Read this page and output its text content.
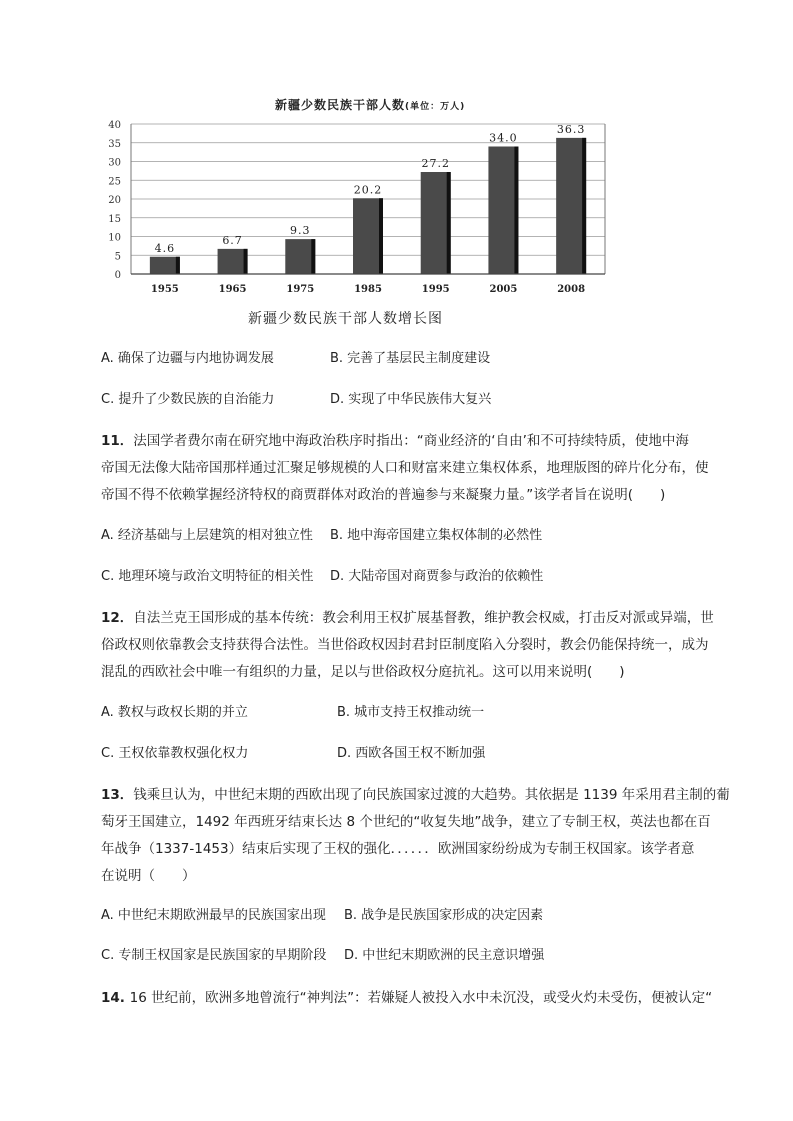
新疆少数民族干部人数(单位：万人)
0
5
10
15
20
25
30
35
40
4.6
1955
6.7
1965
9.3
1975
20.2
1985
27.2
1995
34.0
2005
36.3
2008
新疆少数民族干部人数增长图
A. 确保了边疆与内地协调发展	B. 完善了基层民主制度建设
C. 提升了少数民族的自治能力	D. 实现了中华民族伟大复兴
11．法国学者费尔南在研究地中海政治秩序时指出：“商业经济的‘自由’和不可持续特质，使地中海
帝国无法像大陆帝国那样通过汇聚足够规模的人口和财富来建立集权体系，地理版图的碎片化分布，使
帝国不得不依赖掌握经济特权的商贾群体对政治的普遍参与来凝聚力量。”该学者旨在说明(　　)
A. 经济基础与上层建筑的相对独立性 B. 地中海帝国建立集权体制的必然性
C. 地理环境与政治文明特征的相关性 D. 大陆帝国对商贾参与政治的依赖性
12．自法兰克王国形成的基本传统：教会利用王权扩展基督教，维护教会权威，打击反对派或异端，世
俗政权则依靠教会支持获得合法性。当世俗政权因封君封臣制度陷入分裂时，教会仍能保持统一，成为
混乱的西欧社会中唯一有组织的力量，足以与世俗政权分庭抗礼。这可以用来说明(　　)
A. 教权与政权长期的并立	B. 城市支持王权推动统一
C. 王权依靠教权强化权力	D. 西欧各国王权不断加强
13．钱乘旦认为，中世纪末期的西欧出现了向民族国家过渡的大趋势。其依据是 1139 年采用君主制的葡
萄牙王国建立，1492 年西班牙结束长达 8 个世纪的“收复失地”战争，建立了专制王权，英法也都在百
年战争（1337-1453）结束后实现了王权的强化．．．．．．欧洲国家纷纷成为专制王权国家。该学者意
在说明（　　）
A. 中世纪末期欧洲最早的民族国家出现 B. 战争是民族国家形成的决定因素
C. 专制王权国家是民族国家的早期阶段 D. 中世纪末期欧洲的民主意识增强
14. 16 世纪前，欧洲多地曾流行“神判法”：若嫌疑人被投入水中未沉没，或受火灼未受伤，便被认定“
